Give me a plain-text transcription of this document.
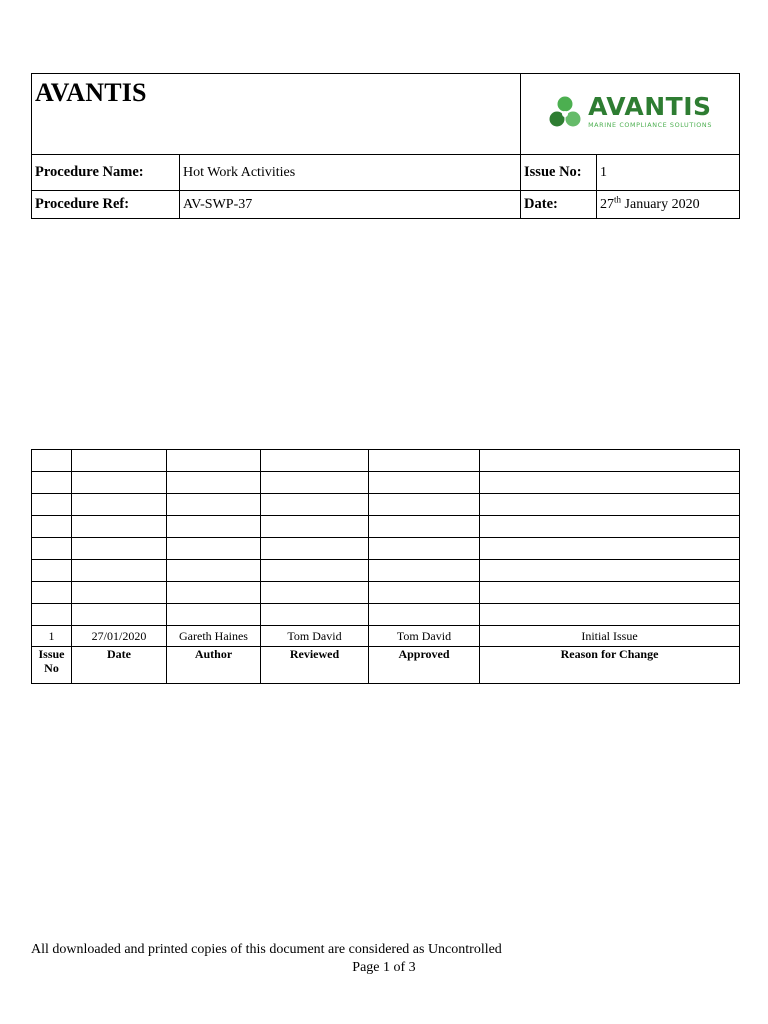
AVANTIS		AVANTIS
MARINE COMPLIANCE SOLUTIONS	

Procedure Name:	Hot Work Activities	Issue No:	1
Procedure Ref:	AV-SWP-37	Date:	27th January 2020

1	27/01/2020	Gareth Haines	Tom David	Tom David	Initial Issue
Issue
No	Date	Author	Reviewed	Approved	Reason for Change
All downloaded and printed copies of this document are considered as Uncontrolled
Page 1 of 3
